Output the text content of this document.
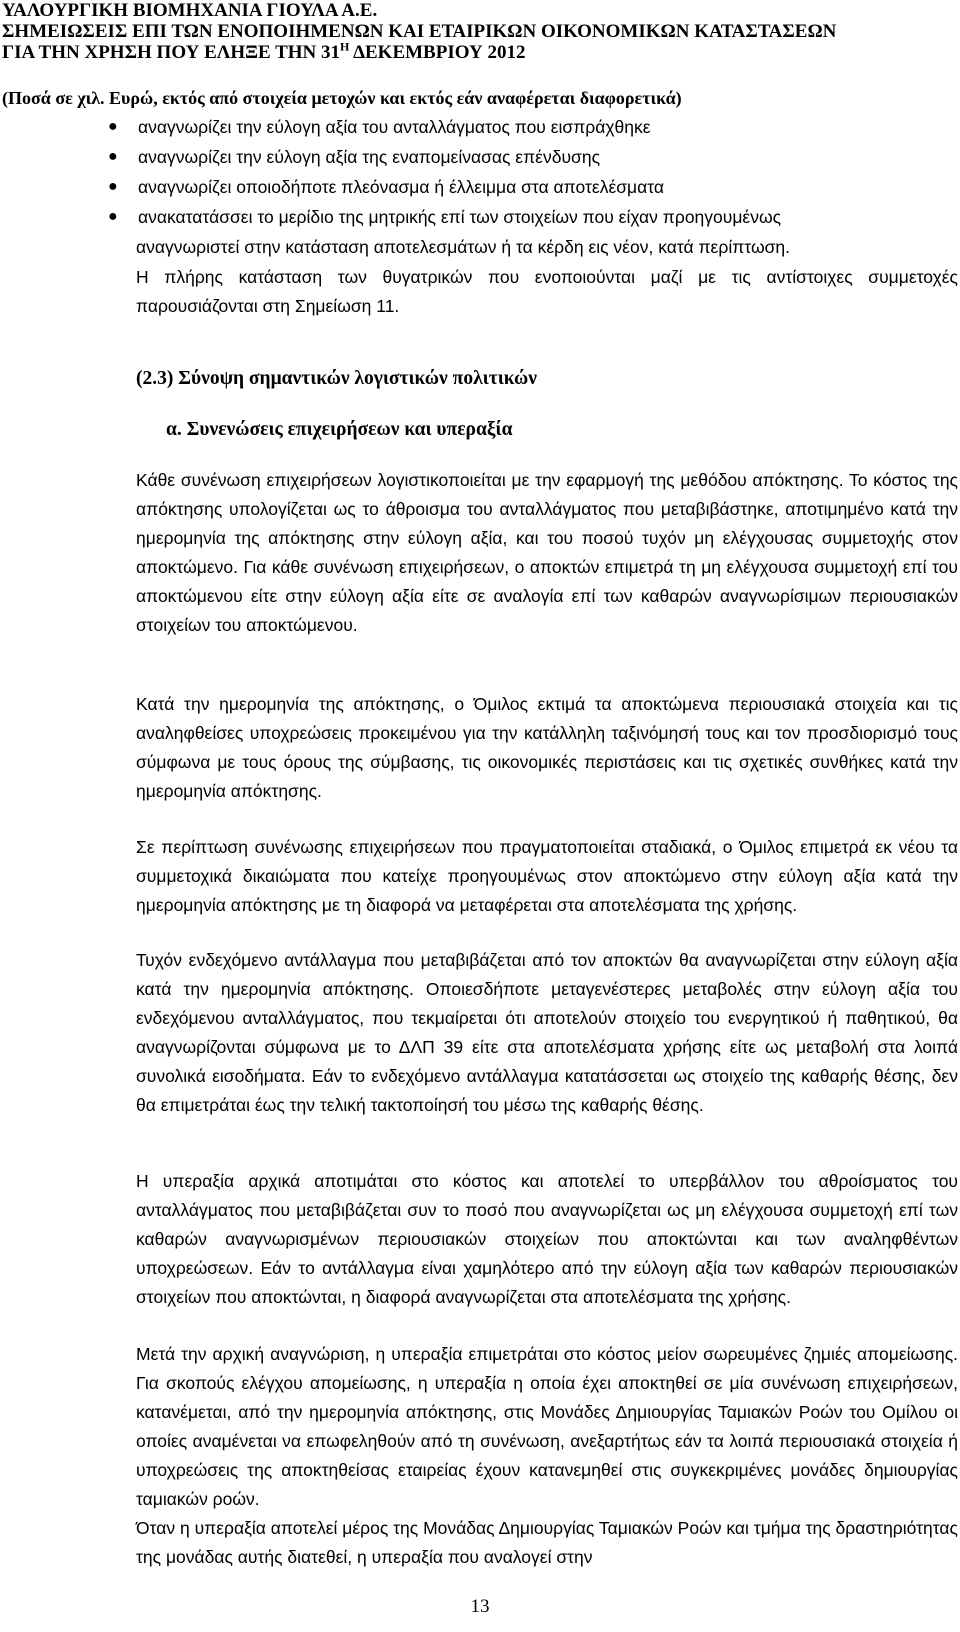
ΥΑΛΟΥΡΓΙΚΗ ΒΙΟΜΗΧΑΝΙΑ ΓΙΟΥΛΑ Α.Ε.
ΣΗΜΕΙΩΣΕΙΣ ΕΠΙ ΤΩΝ ΕΝΟΠΟΙΗΜΕΝΩΝ ΚΑΙ ΕΤΑΙΡΙΚΩΝ ΟΙΚΟΝΟΜΙΚΩΝ ΚΑΤΑΣΤΑΣΕΩΝ
ΓΙΑ ΤΗΝ ΧΡΗΣΗ ΠΟΥ ΕΛΗΞΕ ΤΗΝ $31^H$ ΔΕΚΕΜΒΡΙΟΥ 2012
(Ποσά σε χιλ. Ευρώ, εκτός από στοιχεία μετοχών και εκτός εάν αναφέρεται διαφορετικά)
● αναγνωρίζει την εύλογη αξία του ανταλλάγματος που εισπράχθηκε
● αναγνωρίζει την εύλογη αξία της εναπομείνασας επένδυσης
● αναγνωρίζει οποιοδήποτε πλεόνασμα ή έλλειμμα στα αποτελέσματα
● ανακατατάσσει το μερίδιο της μητρικής επί των στοιχείων που είχαν προηγουμένως
αναγνωριστεί στην κατάσταση αποτελεσμάτων ή τα κέρδη εις νέον, κατά περίπτωση.

Η πλήρης κατάσταση των θυγατρικών που ενοποιούνται μαζί με τις αντίστοιχες συμμετοχές παρουσιάζονται στη Σημείωση 11.

(2.3) Σύνοψη σημαντικών λογιστικών πολιτικών
α. Συνενώσεις επιχειρήσεων και υπεραξία

Κάθε συνένωση επιχειρήσεων λογιστικοποιείται με την εφαρμογή της μεθόδου απόκτησης. Το κόστος της απόκτησης υπολογίζεται ως το άθροισμα του ανταλλάγματος που μεταβιβάστηκε, αποτιμημένο κατά την ημερομηνία της απόκτησης στην εύλογη αξία, και του ποσού τυχόν μη ελέγχουσας συμμετοχής στον αποκτώμενο. Για κάθε συνένωση επιχειρήσεων, ο αποκτών επιμετρά τη μη ελέγχουσα συμμετοχή επί του αποκτώμενου είτε στην εύλογη αξία είτε σε αναλογία επί των καθαρών αναγνωρίσιμων περιουσιακών στοιχείων του αποκτώμενου.

Κατά την ημερομηνία της απόκτησης, ο Όμιλος εκτιμά τα αποκτώμενα περιουσιακά στοιχεία και τις αναληφθείσες υποχρεώσεις προκειμένου για την κατάλληλη ταξινόμησή τους και τον προσδιορισμό τους σύμφωνα με τους όρους της σύμβασης, τις οικονομικές περιστάσεις και τις σχετικές συνθήκες κατά την ημερομηνία απόκτησης.

Σε περίπτωση συνένωσης επιχειρήσεων που πραγματοποιείται σταδιακά, ο Όμιλος επιμετρά εκ νέου τα συμμετοχικά δικαιώματα που κατείχε προηγουμένως στον αποκτώμενο στην εύλογη αξία κατά την ημερομηνία απόκτησης με τη διαφορά να μεταφέρεται στα αποτελέσματα της χρήσης.

Τυχόν ενδεχόμενο αντάλλαγμα που μεταβιβάζεται από τον αποκτών θα αναγνωρίζεται στην εύλογη αξία κατά την ημερομηνία απόκτησης. Οποιεσδήποτε μεταγενέστερες μεταβολές στην εύλογη αξία του ενδεχόμενου ανταλλάγματος, που τεκμαίρεται ότι αποτελούν στοιχείο του ενεργητικού ή παθητικού, θα αναγνωρίζονται σύμφωνα με το ΔΛΠ 39 είτε στα αποτελέσματα χρήσης είτε ως μεταβολή στα λοιπά συνολικά εισοδήματα. Εάν το ενδεχόμενο αντάλλαγμα κατατάσσεται ως στοιχείο της καθαρής θέσης, δεν θα επιμετράται έως την τελική τακτοποίησή του μέσω της καθαρής θέσης.

Η υπεραξία αρχικά αποτιμάται στο κόστος και αποτελεί το υπερβάλλον του αθροίσματος του ανταλλάγματος που μεταβιβάζεται συν το ποσό που αναγνωρίζεται ως μη ελέγχουσα συμμετοχή επί των καθαρών αναγνωρισμένων περιουσιακών στοιχείων που αποκτώνται και των αναληφθέντων υποχρεώσεων. Εάν το αντάλλαγμα είναι χαμηλότερο από την εύλογη αξία των καθαρών περιουσιακών στοιχείων που αποκτώνται, η διαφορά αναγνωρίζεται στα αποτελέσματα της χρήσης.

Μετά την αρχική αναγνώριση, η υπεραξία επιμετράται στο κόστος μείον σωρευμένες ζημιές απομείωσης. Για σκοπούς ελέγχου απομείωσης, η υπεραξία η οποία έχει αποκτηθεί σε μία συνένωση επιχειρήσεων, κατανέμεται, από την ημερομηνία απόκτησης, στις Μονάδες Δημιουργίας Ταμιακών Ροών του Ομίλου οι οποίες αναμένεται να επωφεληθούν από τη συνένωση, ανεξαρτήτως εάν τα λοιπά περιουσιακά στοιχεία ή υποχρεώσεις της αποκτηθείσας εταιρείας έχουν κατανεμηθεί στις συγκεκριμένες μονάδες δημιουργίας ταμιακών ροών.

Όταν η υπεραξία αποτελεί μέρος της Μονάδας Δημιουργίας Ταμιακών Ροών και τμήμα της δραστηριότητας της μονάδας αυτής διατεθεί, η υπεραξία που αναλογεί στην

13
